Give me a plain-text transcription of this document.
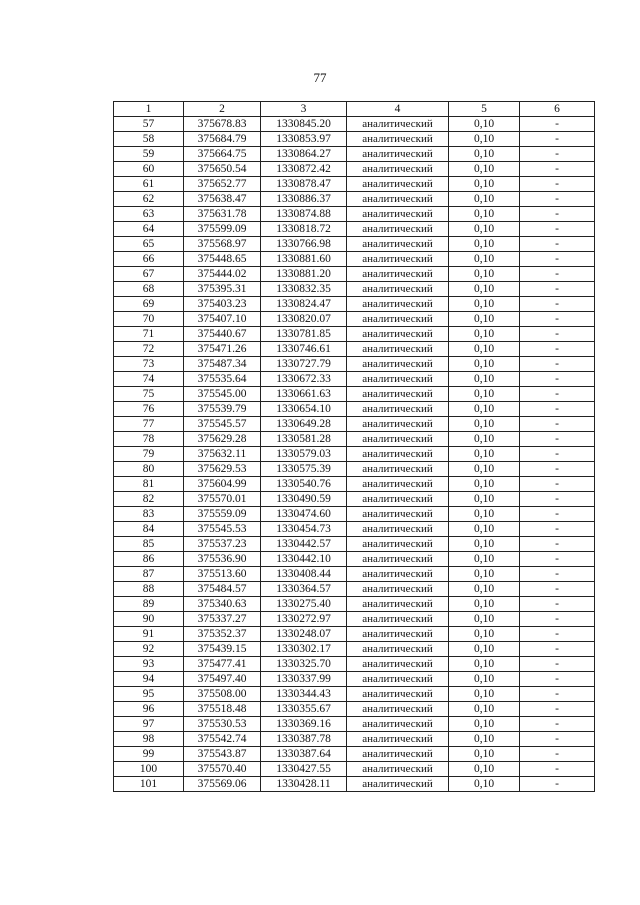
77
1	2	3	4	5	6
57	375678.83	1330845.20	аналитический	0,10	-
58	375684.79	1330853.97	аналитический	0,10	-
59	375664.75	1330864.27	аналитический	0,10	-
60	375650.54	1330872.42	аналитический	0,10	-
61	375652.77	1330878.47	аналитический	0,10	-
62	375638.47	1330886.37	аналитический	0,10	-
63	375631.78	1330874.88	аналитический	0,10	-
64	375599.09	1330818.72	аналитический	0,10	-
65	375568.97	1330766.98	аналитический	0,10	-
66	375448.65	1330881.60	аналитический	0,10	-
67	375444.02	1330881.20	аналитический	0,10	-
68	375395.31	1330832.35	аналитический	0,10	-
69	375403.23	1330824.47	аналитический	0,10	-
70	375407.10	1330820.07	аналитический	0,10	-
71	375440.67	1330781.85	аналитический	0,10	-
72	375471.26	1330746.61	аналитический	0,10	-
73	375487.34	1330727.79	аналитический	0,10	-
74	375535.64	1330672.33	аналитический	0,10	-
75	375545.00	1330661.63	аналитический	0,10	-
76	375539.79	1330654.10	аналитический	0,10	-
77	375545.57	1330649.28	аналитический	0,10	-
78	375629.28	1330581.28	аналитический	0,10	-
79	375632.11	1330579.03	аналитический	0,10	-
80	375629.53	1330575.39	аналитический	0,10	-
81	375604.99	1330540.76	аналитический	0,10	-
82	375570.01	1330490.59	аналитический	0,10	-
83	375559.09	1330474.60	аналитический	0,10	-
84	375545.53	1330454.73	аналитический	0,10	-
85	375537.23	1330442.57	аналитический	0,10	-
86	375536.90	1330442.10	аналитический	0,10	-
87	375513.60	1330408.44	аналитический	0,10	-
88	375484.57	1330364.57	аналитический	0,10	-
89	375340.63	1330275.40	аналитический	0,10	-
90	375337.27	1330272.97	аналитический	0,10	-
91	375352.37	1330248.07	аналитический	0,10	-
92	375439.15	1330302.17	аналитический	0,10	-
93	375477.41	1330325.70	аналитический	0,10	-
94	375497.40	1330337.99	аналитический	0,10	-
95	375508.00	1330344.43	аналитический	0,10	-
96	375518.48	1330355.67	аналитический	0,10	-
97	375530.53	1330369.16	аналитический	0,10	-
98	375542.74	1330387.78	аналитический	0,10	-
99	375543.87	1330387.64	аналитический	0,10	-
100	375570.40	1330427.55	аналитический	0,10	-
101	375569.06	1330428.11	аналитический	0,10	-
